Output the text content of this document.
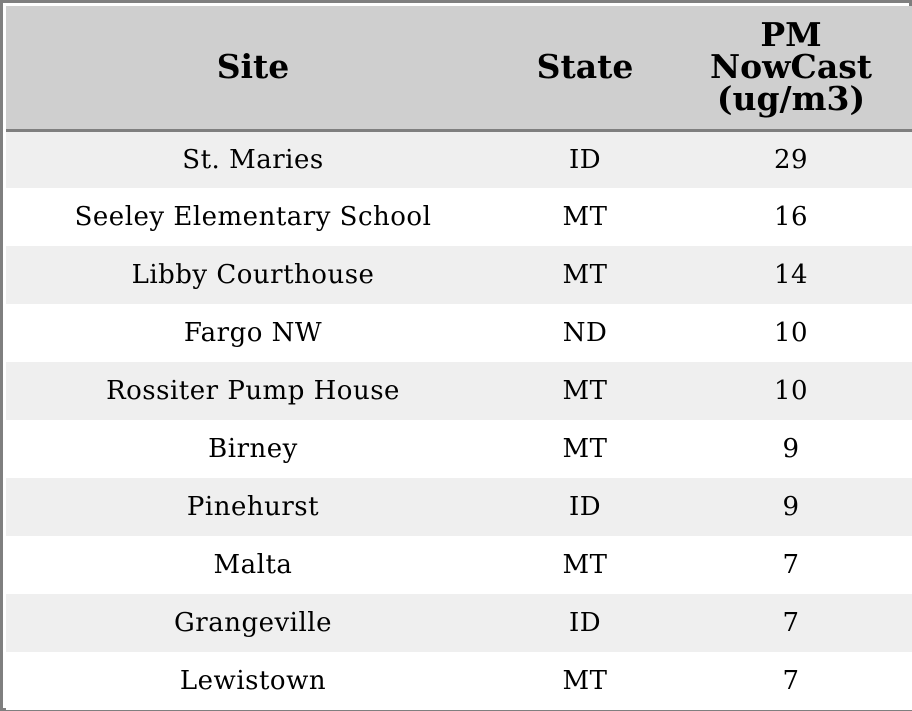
Site	State	PM
NowCast
(ug/m3)

St. Maries	ID	29
Seeley Elementary School	MT	16
Libby Courthouse	MT	14
Fargo NW	ND	10
Rossiter Pump House	MT	10
Birney	MT	9
Pinehurst	ID	9
Malta	MT	7
Grangeville	ID	7
Lewistown	MT	7
